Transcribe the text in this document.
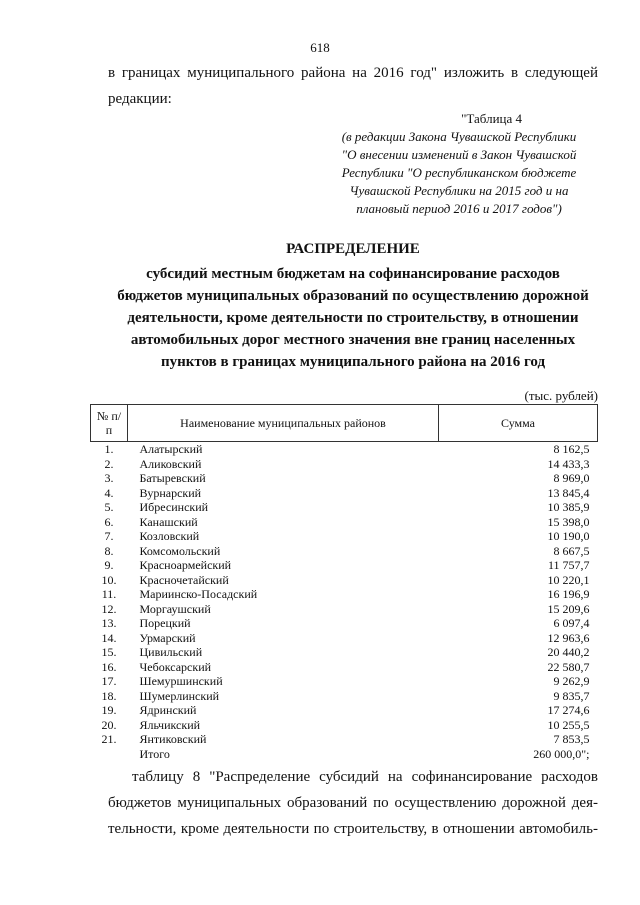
618
в границах муниципального района на 2016 год" изложить в следующей
редакции:
"Таблица 4
(в редакции Закона Чувашской Республики
"О внесении изменений в Закон Чувашской
Республики "О республиканском бюджете
Чувашской Республики на 2015 год и на
плановый период 2016 и 2017 годов")
РАСПРЕДЕЛЕНИЕ
субсидий местным бюджетам на софинансирование расходов
бюджетов муниципальных образований по осуществлению дорожной
деятельности, кроме деятельности по строительству, в отношении
автомобильных дорог местного значения вне границ населенных
пунктов в границах муниципального района на 2016 год
(тыс. рублей)
№ п/п	Наименование муниципальных районов	Сумма
1.	Алатырский	8 162,5
2.	Аликовский	14 433,3
3.	Батыревский	8 969,0
4.	Вурнарский	13 845,4
5.	Ибресинский	10 385,9
6.	Канашский	15 398,0
7.	Козловский	10 190,0
8.	Комсомольский	8 667,5
9.	Красноармейский	11 757,7
10.	Красночетайский	10 220,1
11.	Мариинско-Посадский	16 196,9
12.	Моргаушский	15 209,6
13.	Порецкий	6 097,4
14.	Урмарский	12 963,6
15.	Цивильский	20 440,2
16.	Чебоксарский	22 580,7
17.	Шемуршинский	9 262,9
18.	Шумерлинский	9 835,7
19.	Ядринский	17 274,6
20.	Яльчикский	10 255,5
21.	Янтиковский	7 853,5
	Итого	260 000,0";
таблицу 8 "Распределение субсидий на софинансирование расходов
бюджетов муниципальных образований по осуществлению дорожной дея-
тельности, кроме деятельности по строительству, в отношении автомобиль-
